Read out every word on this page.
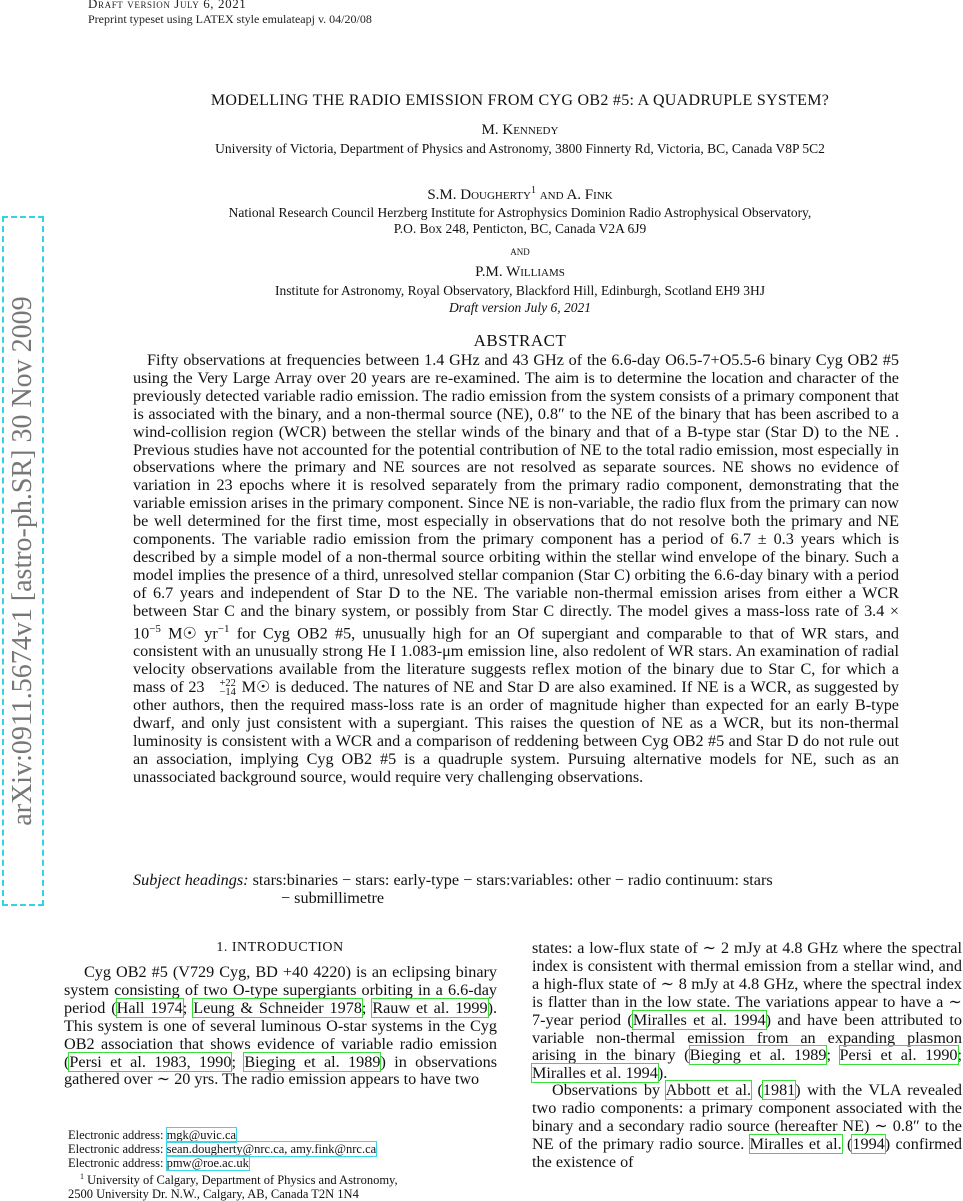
Draft version July 6, 2021
Preprint typeset using LATEX style emulateapj v. 04/20/08
arXiv:0911.5674v1 [astro-ph.SR] 30 Nov 2009
MODELLING THE RADIO EMISSION FROM CYG OB2 #5: A QUADRUPLE SYSTEM?
M. Kennedy
University of Victoria, Department of Physics and Astronomy, 3800 Finnerty Rd, Victoria, BC, Canada V8P 5C2
S.M. Dougherty$^1$ and A. Fink
National Research Council Herzberg Institute for Astrophysics Dominion Radio Astrophysical Observatory,
P.O. Box 248, Penticton, BC, Canada V2A 6J9
and
P.M. Williams
Institute for Astronomy, Royal Observatory, Blackford Hill, Edinburgh, Scotland EH9 3HJ
Draft version July 6, 2021
ABSTRACT

Fifty observations at frequencies between 1.4 GHz and 43 GHz of the 6.6-day O6.5-7+O5.5-6 binary Cyg OB2 #5 using the Very Large Array over 20 years are re-examined. The aim is to determine the location and character of the previously detected variable radio emission. The radio emission from the system consists of a primary component that is associated with the binary, and a non-thermal source (NE), 0.8″ to the NE of the binary that has been ascribed to a wind-collision region (WCR) between the stellar winds of the binary and that of a B-type star (Star D) to the NE . Previous studies have not accounted for the potential contribution of NE to the total radio emission, most especially in observations where the primary and NE sources are not resolved as separate sources. NE shows no evidence of variation in 23 epochs where it is resolved separately from the primary radio component, demonstrating that the variable emission arises in the primary component. Since NE is non-variable, the radio flux from the primary can now be well determined for the first time, most especially in observations that do not resolve both the primary and NE components. The variable radio emission from the primary component has a period of 6.7 ± 0.3 years which is described by a simple model of a non-thermal source orbiting within the stellar wind envelope of the binary. Such a model implies the presence of a third, unresolved stellar companion (Star C) orbiting the 6.6-day binary with a period of 6.7 years and independent of Star D to the NE. The variable non-thermal emission arises from either a WCR between Star C and the binary system, or possibly from Star C directly. The model gives a mass-loss rate of $3.4 \times 10^{-5}$ M☉ $yr^{-1}$ for Cyg OB2 #5, unusually high for an Of supergiant and comparable to that of WR stars, and consistent with an unusually strong He I 1.083-μm emission line, also redolent of WR stars. An examination of radial velocity observations available from the literature suggests reflex motion of the binary due to Star C, for which a mass of 23	+22
−14 M☉ is deduced. The natures of NE and Star D are also examined. If NE is a WCR, as suggested by other authors, then the required mass-loss rate is an order of magnitude higher than expected for an early B-type dwarf, and only just consistent with a supergiant. This raises the question of NE as a WCR, but its non-thermal luminosity is consistent with a WCR and a comparison of reddening between Cyg OB2 #5 and Star D do not rule out an association, implying Cyg OB2 #5 is a quadruple system. Pursuing alternative models for NE, such as an unassociated background source, would require very challenging observations.

Subject headings: stars:binaries − stars: early-type − stars:variables: other − radio continuum: stars
− submillimetre

1. INTRODUCTION

Cyg OB2 #5 (V729 Cyg, BD +40 4220) is an eclipsing binary system consisting of two O-type supergiants orbiting in a 6.6-day period (Hall 1974; Leung & Schneider 1978; Rauw et al. 1999). This system is one of several luminous O-star systems in the Cyg OB2 association that shows evidence of variable radio emission (Persi et al. 1983, 1990; Bieging et al. 1989) in observations gathered over ∼ 20 yrs. The radio emission appears to have two

states: a low-flux state of ∼ 2 mJy at 4.8 GHz where the spectral index is consistent with thermal emission from a stellar wind, and a high-flux state of ∼ 8 mJy at 4.8 GHz, where the spectral index is flatter than in the low state. The variations appear to have a ∼ 7-year period (Miralles et al. 1994) and have been attributed to variable non-thermal emission from an expanding plasmon arising in the binary (Bieging et al. 1989; Persi et al. 1990; Miralles et al. 1994).

Observations by Abbott et al. (1981) with the VLA revealed two radio components: a primary component associated with the binary and a secondary radio source (hereafter NE) ∼ 0.8″ to the NE of the primary radio source. Miralles et al. (1994) confirmed the existence of

Electronic address: mgk@uvic.ca
Electronic address: sean.dougherty@nrc.ca, amy.fink@nrc.ca
Electronic address: pmw@roe.ac.uk
$^1$ University of Calgary, Department of Physics and Astronomy,
2500 University Dr. N.W., Calgary, AB, Canada T2N 1N4
